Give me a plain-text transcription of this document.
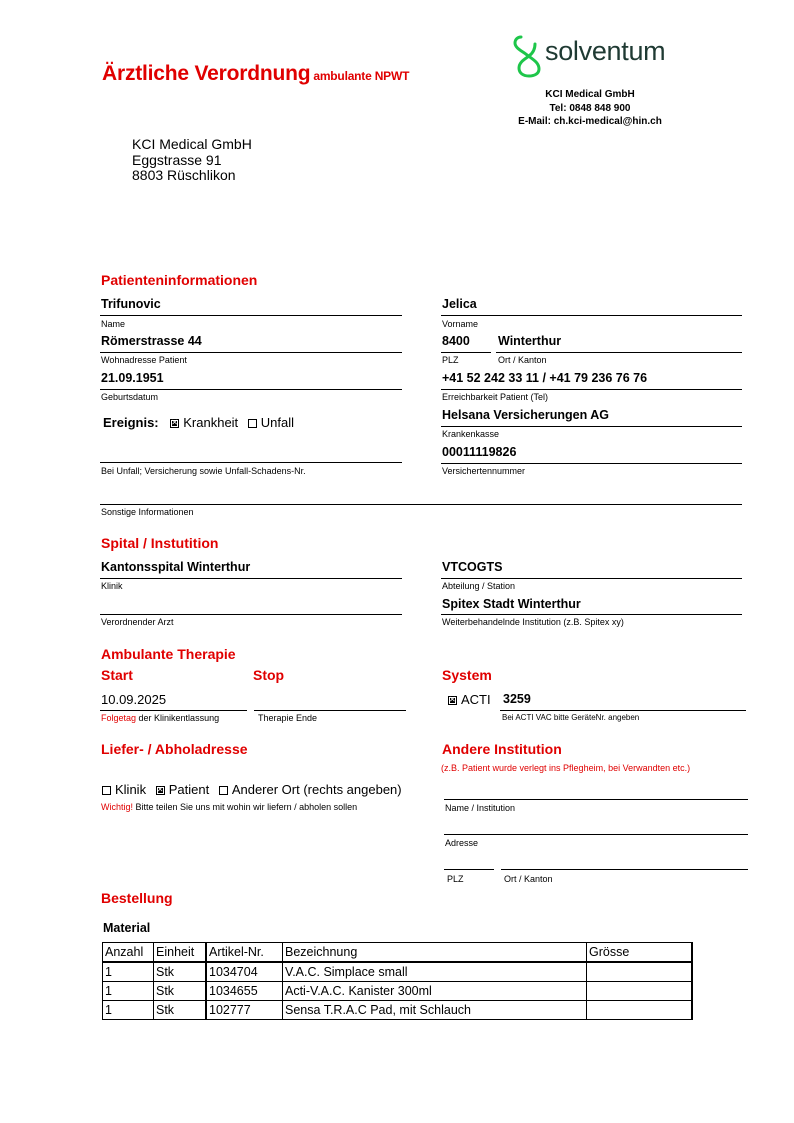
Ärztliche Verordnung ambulante NPWT
solventum
KCI Medical GmbH
Tel: 0848 848 900
E-Mail: ch.kci-medical@hin.ch
KCI Medical GmbH
Eggstrasse 91
8803 Rüschlikon
Patienteninformationen
Trifunovic
Name
Römerstrasse 44
Wohnadresse Patient
21.09.1951
Geburtsdatum
Ereignis: ✕ Krankheit Unfall
Bei Unfall; Versicherung sowie Unfall-Schadens-Nr.
Sonstige Informationen
Jelica
Vorname
8400
PLZ
Winterthur
Ort / Kanton
+41 52 242 33 11 / +41 79 236 76 76
Erreichbarkeit Patient (Tel)
Helsana Versicherungen AG
Krankenkasse
00011119826
Versichertennummer
Spital / Instutition
Kantonsspital Winterthur
Klinik
Verordnender Arzt
VTCOGTS
Abteilung / Station
Spitex Stadt Winterthur
Weiterbehandelnde Institution (z.B. Spitex xy)
Ambulante Therapie
Start	Stop
10.09.2025
Folgetag der Klinikentlassung	Therapie Ende
System
✕ACTI 3259
Bei ACTI VAC bitte GeräteNr. angeben
Liefer- / Abholadresse
Klinik ✕ Patient Anderer Ort (rechts angeben)
Wichtig! Bitte teilen Sie uns mit wohin wir liefern / abholen sollen
Andere Institution
(z.B. Patient wurde verlegt ins Pflegheim, bei Verwandten etc.)
Name / Institution
Adresse
PLZ	Ort / Kanton
Bestellung
Material
Anzahl	Einheit	Artikel-Nr.	Bezeichnung	Grösse
1	Stk	1034704	V.A.C. Simplace small	
1	Stk	1034655	Acti-V.A.C. Kanister 300ml	
1	Stk	102777	Sensa T.R.A.C Pad, mit Schlauch	
